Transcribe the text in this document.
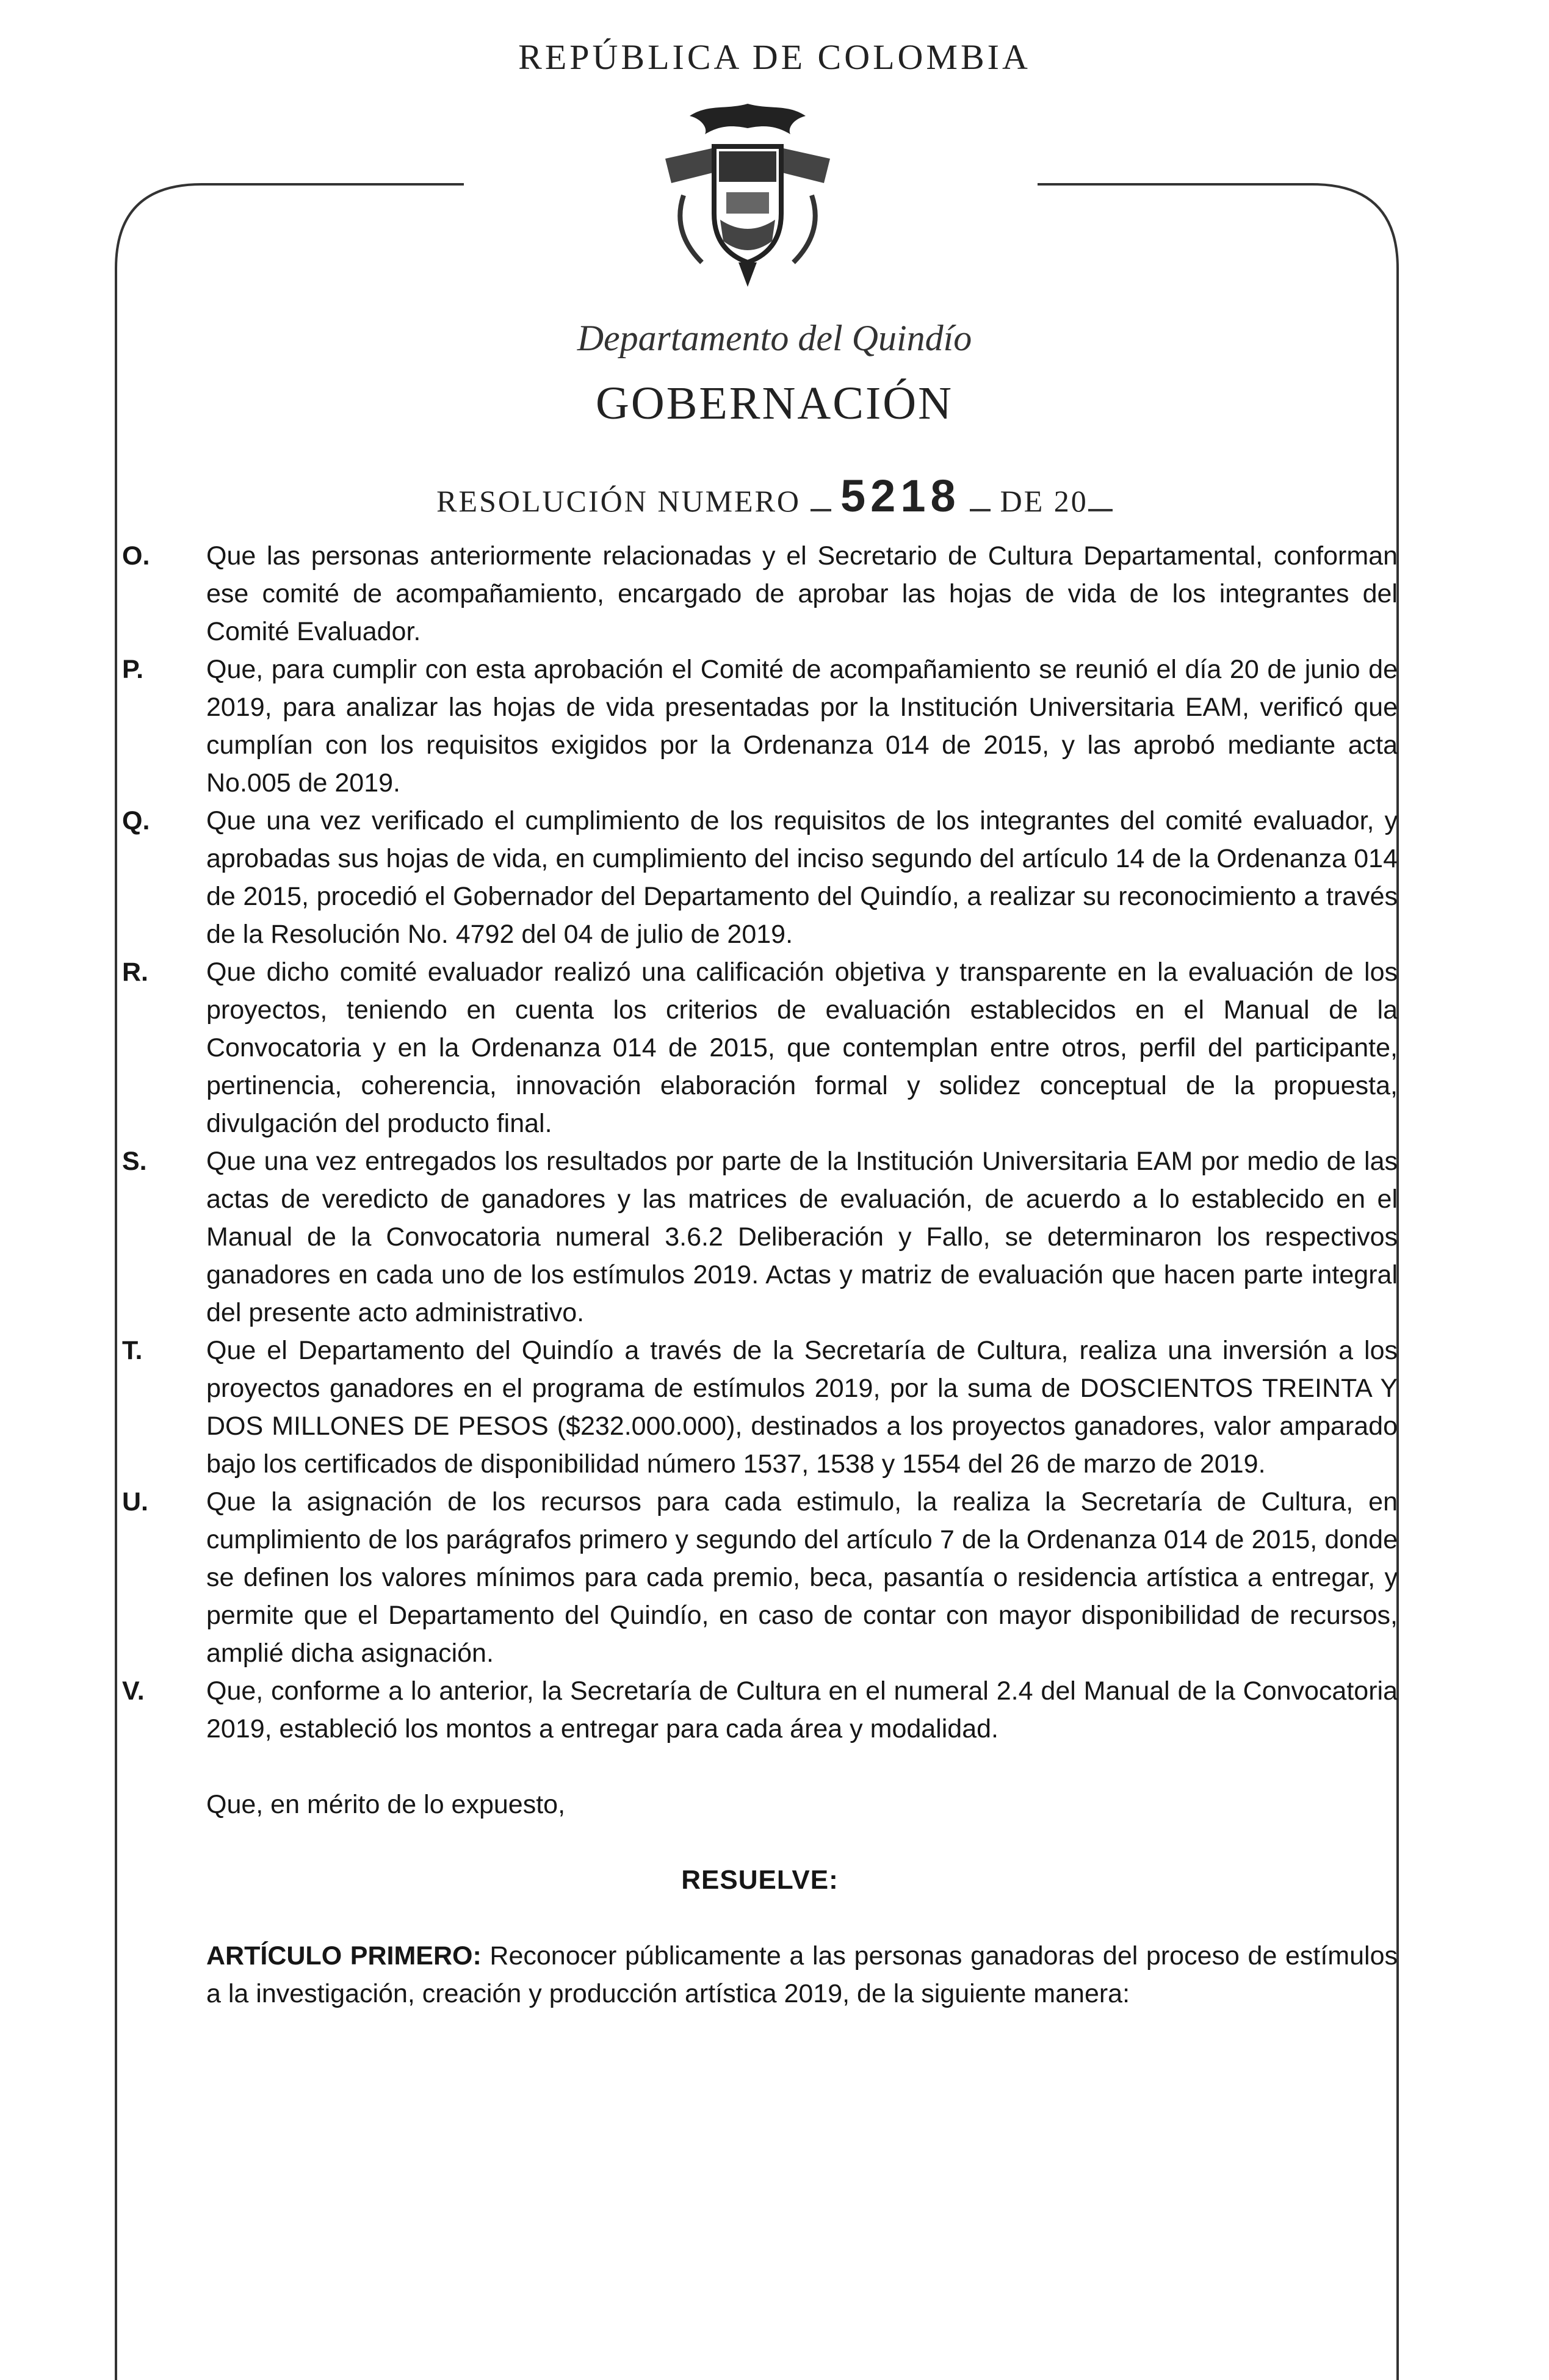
REPÚBLICA DE COLOMBIA
Departamento del Quindío
GOBERNACIÓN
RESOLUCIÓN NUMERO 5218 DE 20
O.	Que las personas anteriormente relacionadas y el Secretario de Cultura Departamental, conforman ese comité de acompañamiento, encargado de aprobar las hojas de vida de los integrantes del Comité Evaluador.
P.	Que, para cumplir con esta aprobación el Comité de acompañamiento se reunió el día 20 de junio de 2019, para analizar las hojas de vida presentadas por la Institución Universitaria EAM, verificó que cumplían con los requisitos exigidos por la Ordenanza 014 de 2015, y las aprobó mediante acta No.005 de 2019.
Q.	Que una vez verificado el cumplimiento de los requisitos de los integrantes del comité evaluador, y aprobadas sus hojas de vida, en cumplimiento del inciso segundo del artículo 14 de la Ordenanza 014 de 2015, procedió el Gobernador del Departamento del Quindío, a realizar su reconocimiento a través de la Resolución No. 4792 del 04 de julio de 2019.
R.	Que dicho comité evaluador realizó una calificación objetiva y transparente en la evaluación de los proyectos, teniendo en cuenta los criterios de evaluación establecidos en el Manual de la Convocatoria y en la Ordenanza 014 de 2015, que contemplan entre otros, perfil del participante, pertinencia, coherencia, innovación elaboración formal y solidez conceptual de la propuesta, divulgación del producto final.
S.	Que una vez entregados los resultados por parte de la Institución Universitaria EAM por medio de las actas de veredicto de ganadores y las matrices de evaluación, de acuerdo a lo establecido en el Manual de la Convocatoria numeral 3.6.2 Deliberación y Fallo, se determinaron los respectivos ganadores en cada uno de los estímulos 2019. Actas y matriz de evaluación que hacen parte integral del presente acto administrativo.
T.	Que el Departamento del Quindío a través de la Secretaría de Cultura, realiza una inversión a los proyectos ganadores en el programa de estímulos 2019, por la suma de DOSCIENTOS TREINTA Y DOS MILLONES DE PESOS ($232.000.000), destinados a los proyectos ganadores, valor amparado bajo los certificados de disponibilidad número 1537, 1538 y 1554 del 26 de marzo de 2019.
U.	Que la asignación de los recursos para cada estimulo, la realiza la Secretaría de Cultura, en cumplimiento de los parágrafos primero y segundo del artículo 7 de la Ordenanza 014 de 2015, donde se definen los valores mínimos para cada premio, beca, pasantía o residencia artística a entregar, y permite que el Departamento del Quindío, en caso de contar con mayor disponibilidad de recursos, amplié dicha asignación.
V.	Que, conforme a lo anterior, la Secretaría de Cultura en el numeral 2.4 del Manual de la Convocatoria 2019, estableció los montos a entregar para cada área y modalidad.
Que, en mérito de lo expuesto,
RESUELVE:
ARTÍCULO PRIMERO: Reconocer públicamente a las personas ganadoras del proceso de estímulos a la investigación, creación y producción artística 2019, de la siguiente manera:
